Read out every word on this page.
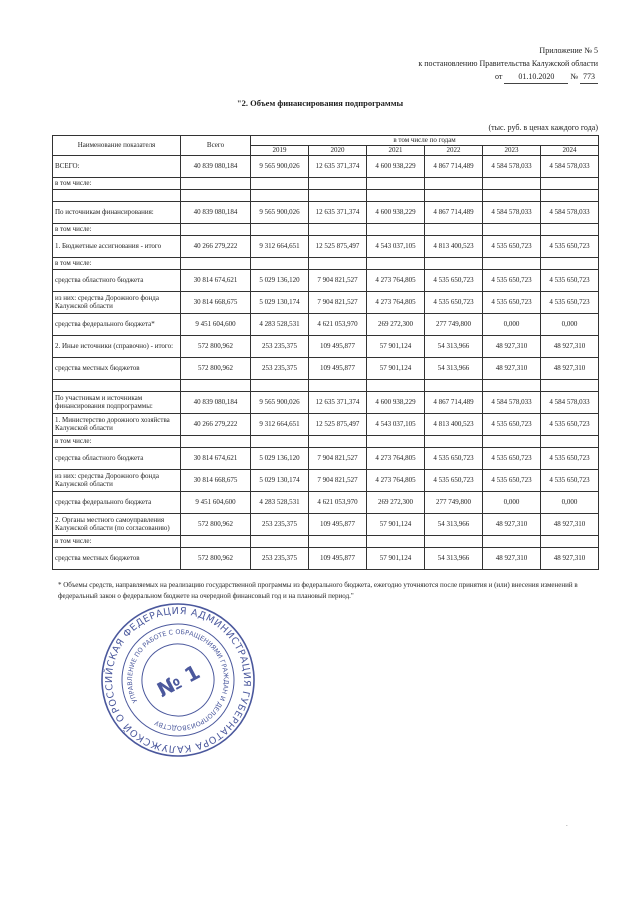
Приложение № 5
к постановлению Правительства Калужской области
от 01.10.2020 № 773
"2. Объем финансирования подпрограммы
(тыс. руб. в ценах каждого года)
Наименование показателя	Всего	в том числе по годам					
		2019	2020	2021	2022	2023	2024
ВСЕГО:	40 839 080,184	9 565 900,026	12 635 371,374	4 600 938,229	4 867 714,489	4 584 578,033	4 584 578,033
в том числе:							

По источникам финансирования:	40 839 080,184	9 565 900,026	12 635 371,374	4 600 938,229	4 867 714,489	4 584 578,033	4 584 578,033
в том числе:							
1. Бюджетные ассигнования - итого	40 266 279,222	9 312 664,651	12 525 875,497	4 543 037,105	4 813 400,523	4 535 650,723	4 535 650,723
в том числе:							
средства областного бюджета	30 814 674,621	5 029 136,120	7 904 821,527	4 273 764,805	4 535 650,723	4 535 650,723	4 535 650,723
из них: средства Дорожного фонда Калужской области	30 814 668,675	5 029 130,174	7 904 821,527	4 273 764,805	4 535 650,723	4 535 650,723	4 535 650,723
средства федерального бюджета*	9 451 604,600	4 283 528,531	4 621 053,970	269 272,300	277 749,800	0,000	0,000
2. Иные источники (справочно) - итого:	572 800,962	253 235,375	109 495,877	57 901,124	54 313,966	48 927,310	48 927,310
средства местных бюджетов	572 800,962	253 235,375	109 495,877	57 901,124	54 313,966	48 927,310	48 927,310

По участникам и источникам финансирования подпрограммы:	40 839 080,184	9 565 900,026	12 635 371,374	4 600 938,229	4 867 714,489	4 584 578,033	4 584 578,033
1. Министерство дорожного хозяйства Калужской области	40 266 279,222	9 312 664,651	12 525 875,497	4 543 037,105	4 813 400,523	4 535 650,723	4 535 650,723
в том числе:							
средства областного бюджета	30 814 674,621	5 029 136,120	7 904 821,527	4 273 764,805	4 535 650,723	4 535 650,723	4 535 650,723
из них: средства Дорожного фонда Калужской области	30 814 668,675	5 029 130,174	7 904 821,527	4 273 764,805	4 535 650,723	4 535 650,723	4 535 650,723
средства федерального бюджета	9 451 604,600	4 283 528,531	4 621 053,970	269 272,300	277 749,800	0,000	0,000
2. Органы местного самоуправления Калужской области (по согласованию)	572 800,962	253 235,375	109 495,877	57 901,124	54 313,966	48 927,310	48 927,310
в том числе:							
средства местных бюджетов	572 800,962	253 235,375	109 495,877	57 901,124	54 313,966	48 927,310	48 927,310
* Объемы средств, направляемых на реализацию государственной программы из федерального бюджета, ежегодно уточняются после принятия и (или) внесения изменений в федеральный закон о федеральном бюджете на очередной финансовый год и на плановый период."
РОССИЙСКАЯ ФЕДЕРАЦИЯ АДМИНИСТРАЦИЯ ГУБЕРНАТОРА КАЛУЖСКОЙ ОБЛАСТИ
УПРАВЛЕНИЕ ПО РАБОТЕ С ОБРАЩЕНИЯМИ ГРАЖДАН И ДЕЛОПРОИЗВОДСТВУ
№ 1
.
